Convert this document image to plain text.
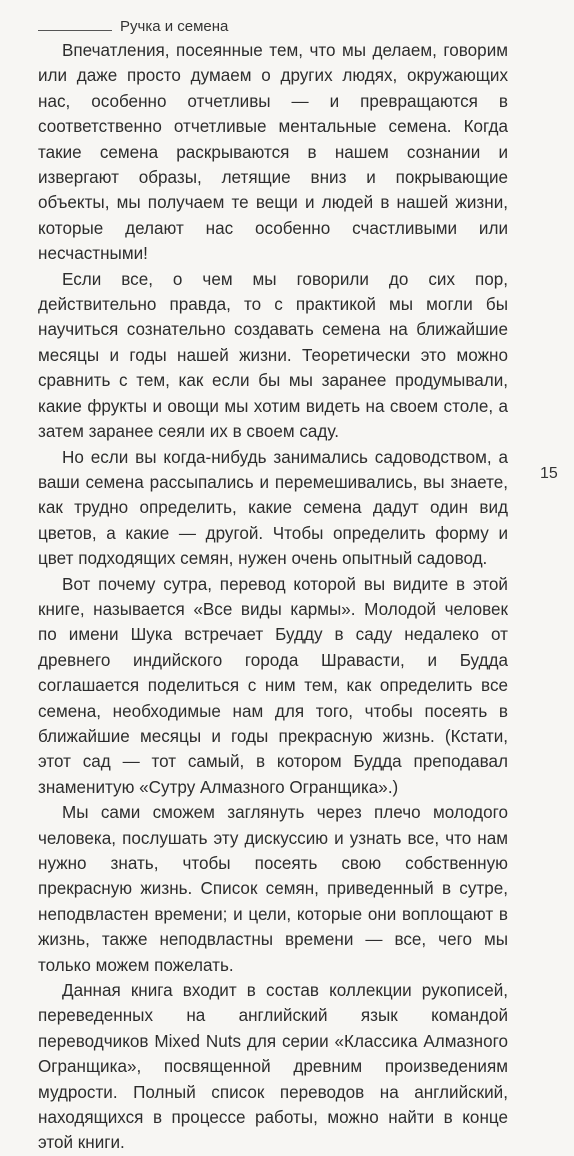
Ручка и семена

Впечатления, посеянные тем, что мы делаем, говорим или даже просто думаем о других людях, окружающих нас, особенно отчетливы — и превращаются в соответственно отчетливые ментальные семена. Когда такие семена раскрываются в нашем сознании и извергают образы, летящие вниз и покрывающие объекты, мы получаем те вещи и людей в нашей жизни, которые делают нас особенно счастливыми или несчастными!

Если все, о чем мы говорили до сих пор, действительно правда, то с практикой мы могли бы научиться сознательно создавать семена на ближайшие месяцы и годы нашей жизни. Теоретически это можно сравнить с тем, как если бы мы заранее продумывали, какие фрукты и овощи мы хотим видеть на своем столе, а затем заранее сеяли их в своем саду.

Но если вы когда-нибудь занимались садоводством, а ваши семена рассыпались и перемешивались, вы знаете, как трудно определить, какие семена дадут один вид цветов, а какие — другой. Чтобы определить форму и цвет подходящих семян, нужен очень опытный садовод.

Вот почему сутра, перевод которой вы видите в этой книге, называется «Все виды кармы». Молодой человек по имени Шука встречает Будду в саду недалеко от древнего индийского города Шравасти, и Будда соглашается поделиться с ним тем, как определить все семена, необходимые нам для того, чтобы посеять в ближайшие месяцы и годы прекрасную жизнь. (Кстати, этот сад — тот самый, в котором Будда преподавал знаменитую «Сутру Алмазного Огранщика».)

Мы сами сможем заглянуть через плечо молодого человека, послушать эту дискуссию и узнать все, что нам нужно знать, чтобы посеять свою собственную прекрасную жизнь. Список семян, приведенный в сутре, неподвластен времени; и цели, которые они воплощают в жизнь, также неподвластны времени — все, чего мы только можем пожелать.

Данная книга входит в состав коллекции рукописей, переведенных на английский язык командой переводчиков Mixed Nuts для серии «Классика Алмазного Огранщика», посвященной древним произведениям мудрости. Полный список переводов на английский, находящихся в процессе работы, можно найти в конце этой книги.

15
